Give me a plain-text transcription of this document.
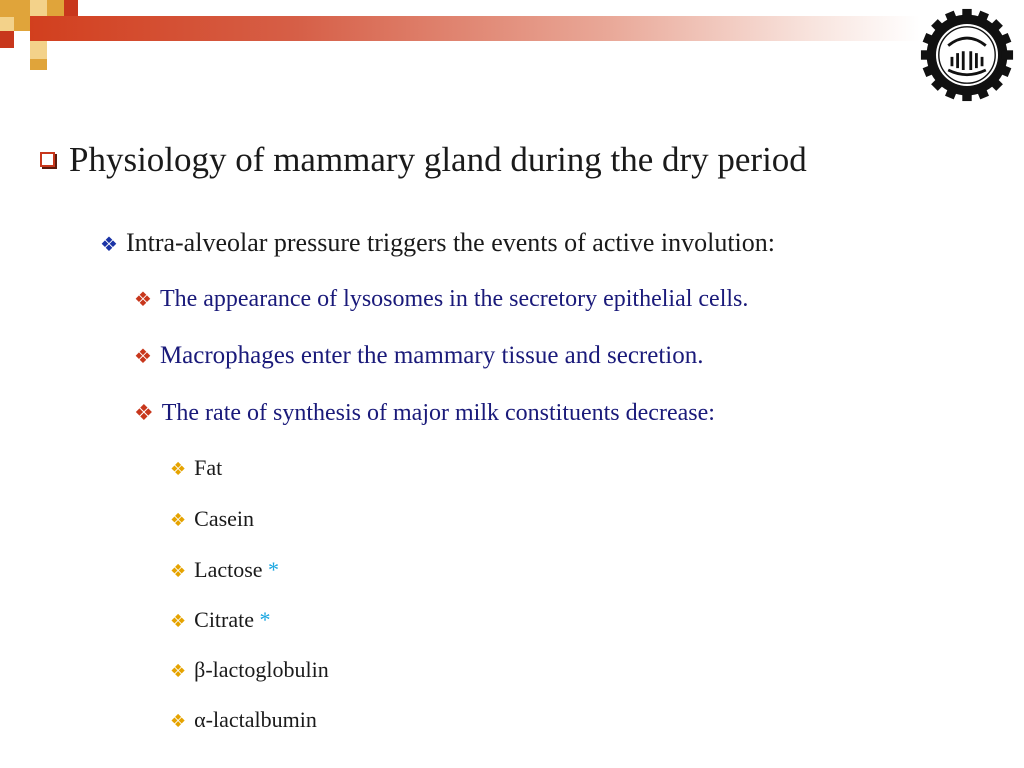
Physiology of mammary gland during the dry period
❖ Intra-alveolar pressure triggers the events of active involution:
❖ The appearance of lysosomes in the secretory epithelial cells.
❖ Macrophages enter the mammary tissue and secretion.
❖ The rate of synthesis of major milk constituents decrease:
❖ Fat
❖ Casein
❖ Lactose *
❖ Citrate *
❖ β-lactoglobulin
❖ α-lactalbumin
